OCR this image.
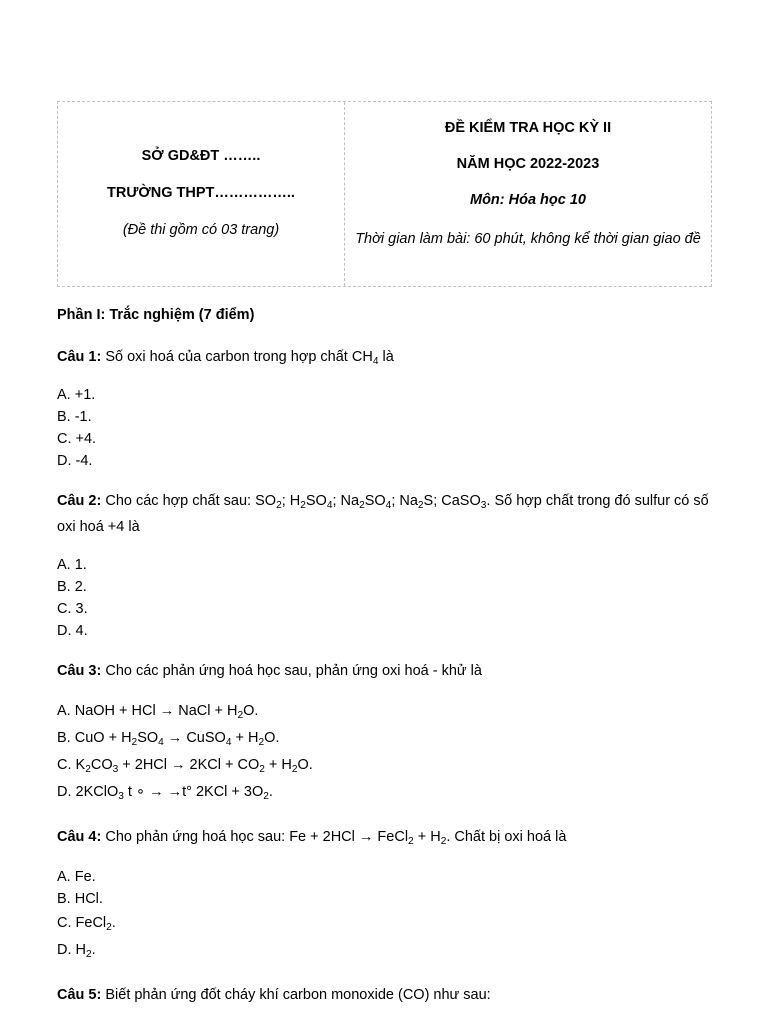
SỞ GD&ĐT ……..

TRƯỜNG THPT……………..

(Đề thi gồm có 03 trang)

ĐỀ KIỂM TRA HỌC KỲ II

NĂM HỌC 2022-2023

Môn: Hóa học 10

Thời gian làm bài: 60 phút, không kể thời gian giao đề

Phần I: Trắc nghiệm (7 điểm)
Câu 1: Số oxi hoá của carbon trong hợp chất $CH_4$ là
A. +1.
B. -1.
C. +4.
D. -4.
Câu 2: Cho các hợp chất sau: $SO_2$; $H_2SO_4$; $Na_2SO_4$; $Na_2S$; CaSO$_3$. Số hợp chất trong đó sulfur có số oxi hoá +4 là
A. 1.
B. 2.
C. 3.
D. 4.
Câu 3: Cho các phản ứng hoá học sau, phản ứng oxi hoá - khử là
A. NaOH + HCl → NaCl + $H_2O$.
B. CuO + $H_2SO_4$ → CuSO$_4$ + $H_2O$.
C. $K_2CO_3 + 2HCl \to 2KCl + CO_2 + H_2O$.
D. 2KClO$_3$ t ∘ → →t° $2KCl + 3O_2$.
Câu 4: Cho phản ứng hoá học sau: Fe + 2HCl → FeCl$_2$ + $H_2$. Chất bị oxi hoá là
A. Fe.
B. HCl.
C. FeCl$_2$.
D. $H_2$.
Câu 5: Biết phản ứng đốt cháy khí carbon monoxide (CO) như sau:
